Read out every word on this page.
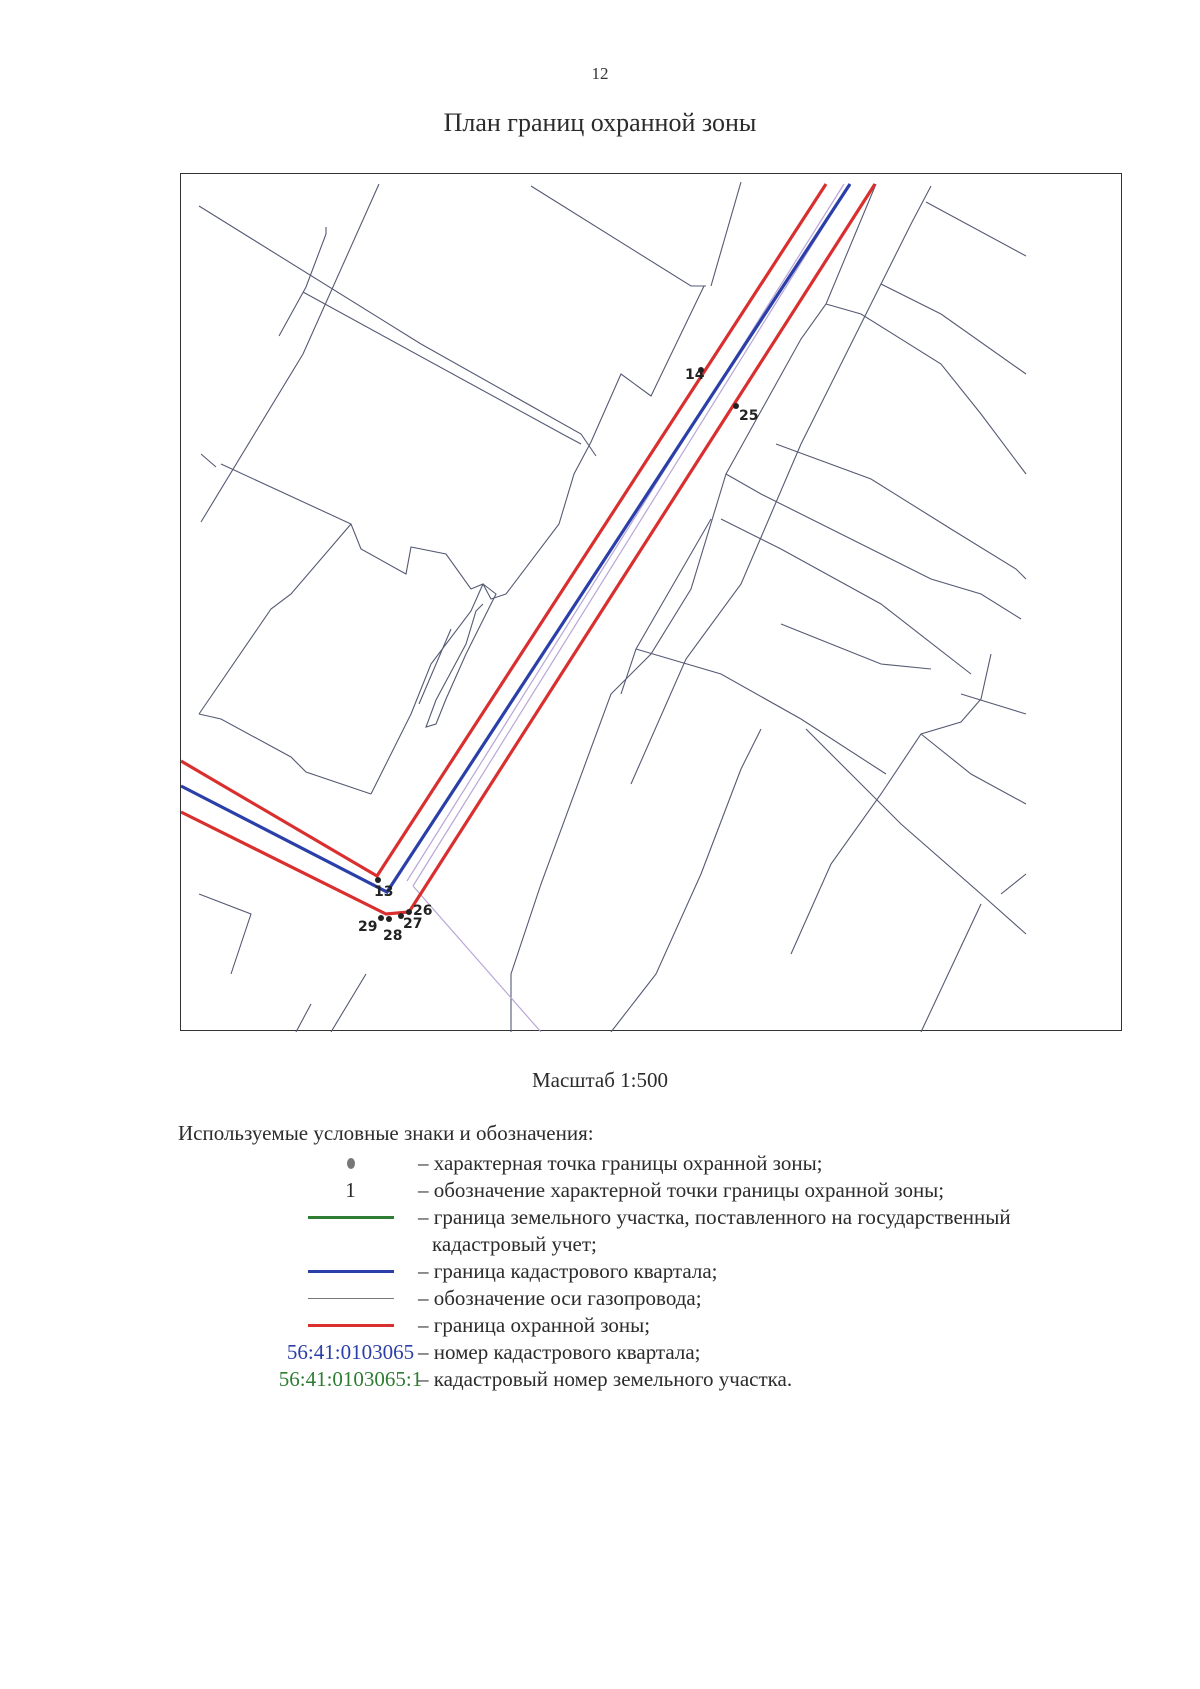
12
План границ охранной зоны
14
25
13
26
27
28
29
Масштаб 1:500
Используемые условные знаки и обозначения:
– характерная точка границы охранной зоны;
1	– обозначение характерной точки границы охранной зоны;
– граница земельного участка, поставленного на государственный
кадастровый учет;
– граница кадастрового квартала;
– обозначение оси газопровода;
– граница охранной зоны;
56:41:0103065 – номер кадастрового квартала;
56:41:0103065:1
– кадастровый номер земельного участка.
